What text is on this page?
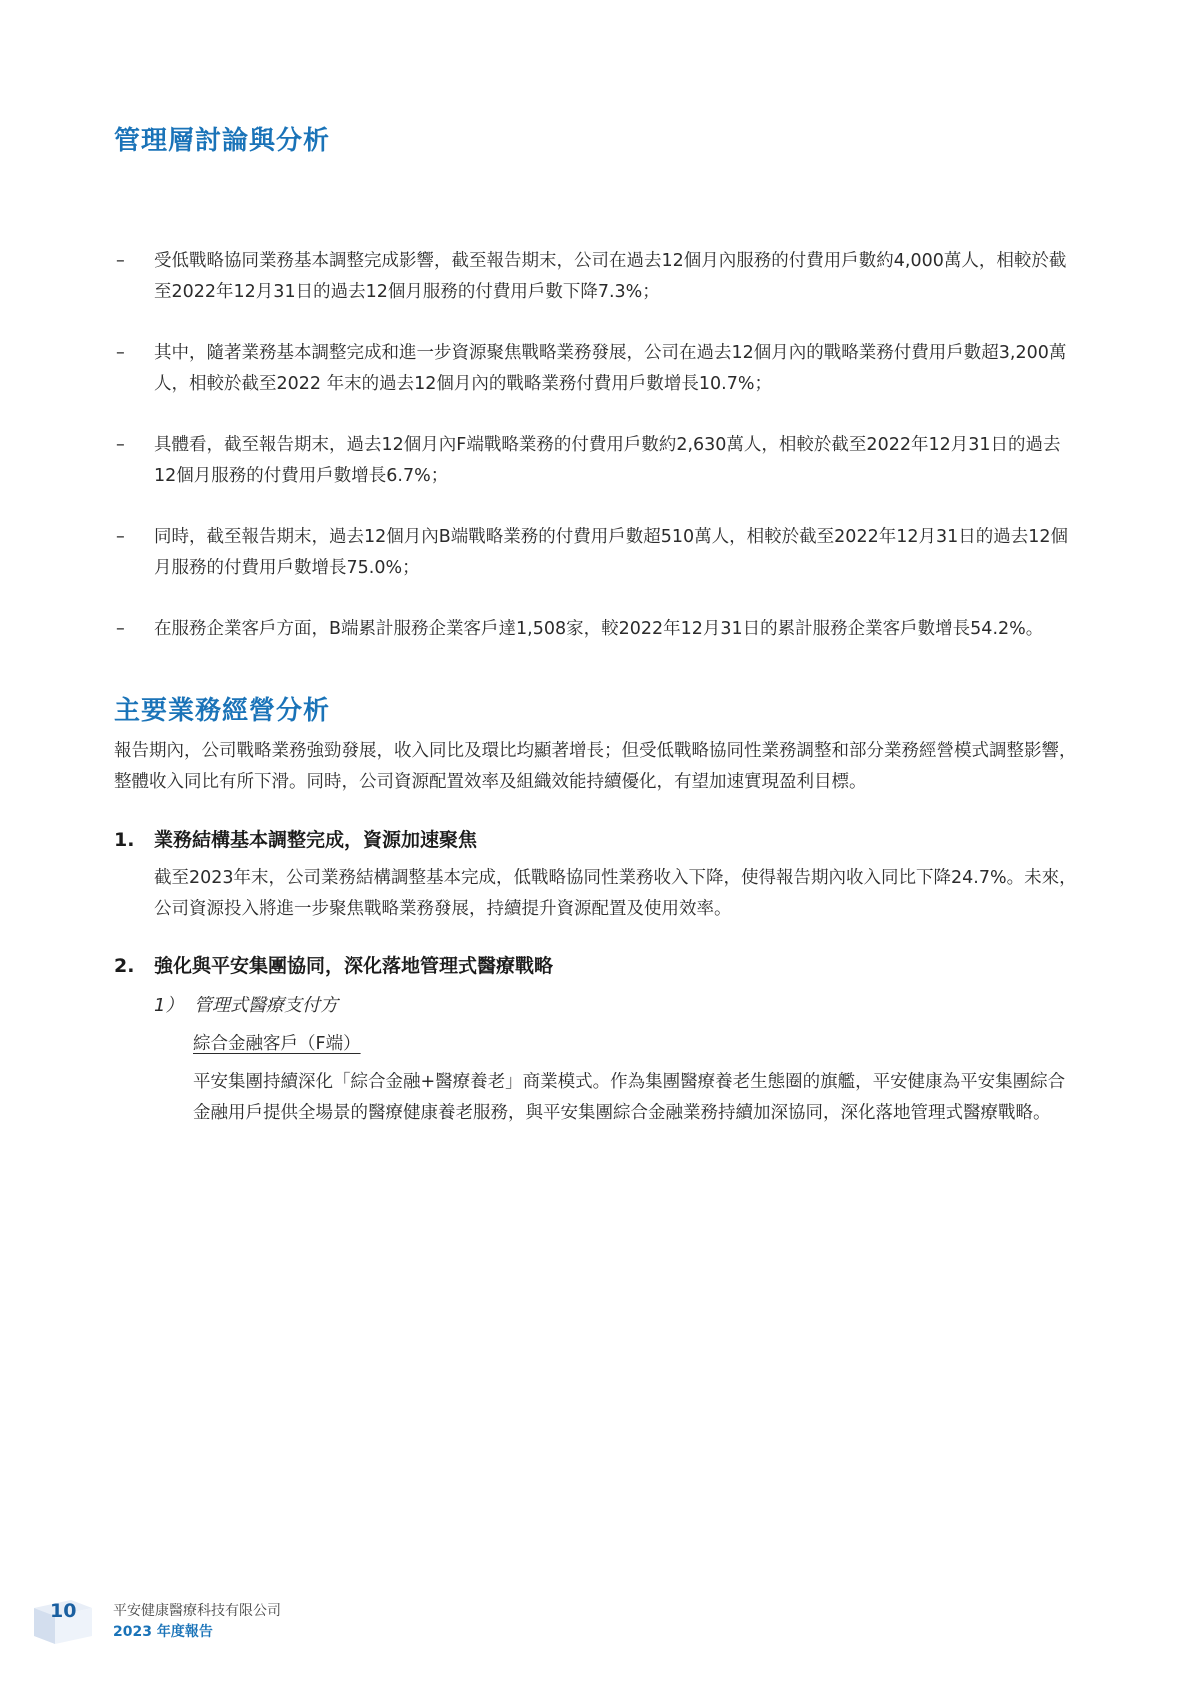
管理層討論與分析
– 受低戰略協同業務基本調整完成影響，截至報告期末，公司在過去12個月內服務的付費用戶數約4,000萬人，相較於截至2022年12月31日的過去12個月服務的付費用戶數下降7.3%；
– 其中，隨著業務基本調整完成和進一步資源聚焦戰略業務發展，公司在過去12個月內的戰略業務付費用戶數超3,200萬人，相較於截至2022 年末的過去12個月內的戰略業務付費用戶數增長10.7%；
– 具體看，截至報告期末，過去12個月內F端戰略業務的付費用戶數約2,630萬人，相較於截至2022年12月31日的過去12個月服務的付費用戶數增長6.7%；
– 同時，截至報告期末，過去12個月內B端戰略業務的付費用戶數超510萬人，相較於截至2022年12月31日的過去12個月服務的付費用戶數增長75.0%；
– 在服務企業客戶方面，B端累計服務企業客戶達1,508家，較2022年12月31日的累計服務企業客戶數增長54.2%。
主要業務經營分析

報告期內，公司戰略業務強勁發展，收入同比及環比均顯著增長；但受低戰略協同性業務調整和部分業務經營模式調整影響，整體收入同比有所下滑。同時，公司資源配置效率及組織效能持續優化，有望加速實現盈利目標。

1. 業務結構基本調整完成，資源加速聚焦

截至2023年末，公司業務結構調整基本完成，低戰略協同性業務收入下降，使得報告期內收入同比下降24.7%。未來，公司資源投入將進一步聚焦戰略業務發展，持續提升資源配置及使用效率。

2. 強化與平安集團協同，深化落地管理式醫療戰略
1） 管理式醫療支付方
綜合金融客戶（F端）

平安集團持續深化「綜合金融+醫療養老」商業模式。作為集團醫療養老生態圈的旗艦，平安健康為平安集團綜合金融用戶提供全場景的醫療健康養老服務，與平安集團綜合金融業務持續加深協同，深化落地管理式醫療戰略。

10	平安健康醫療科技有限公司
2023 年度報告
